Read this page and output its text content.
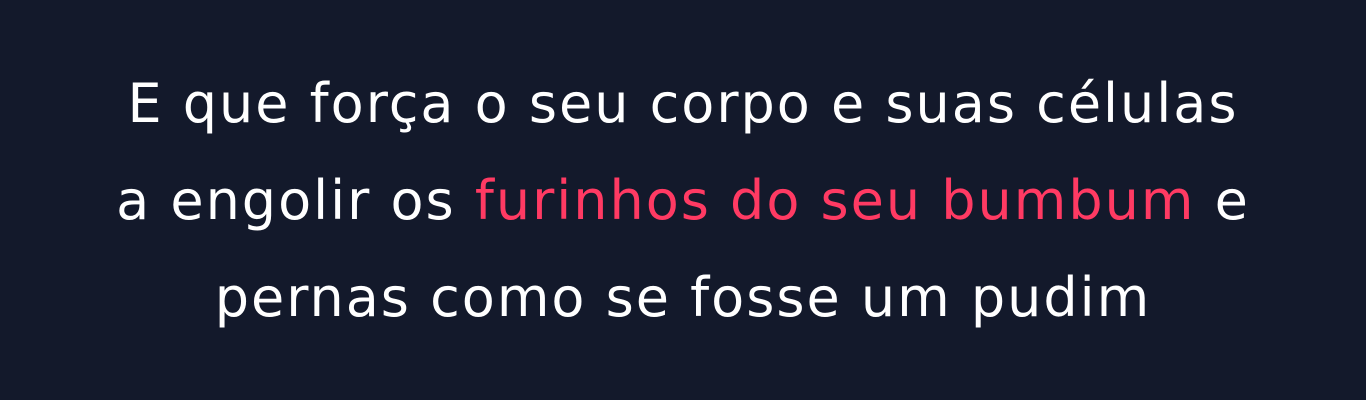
E que força o seu corpo e suas células
a engolir os furinhos do seu bumbum e
pernas como se fosse um pudim
